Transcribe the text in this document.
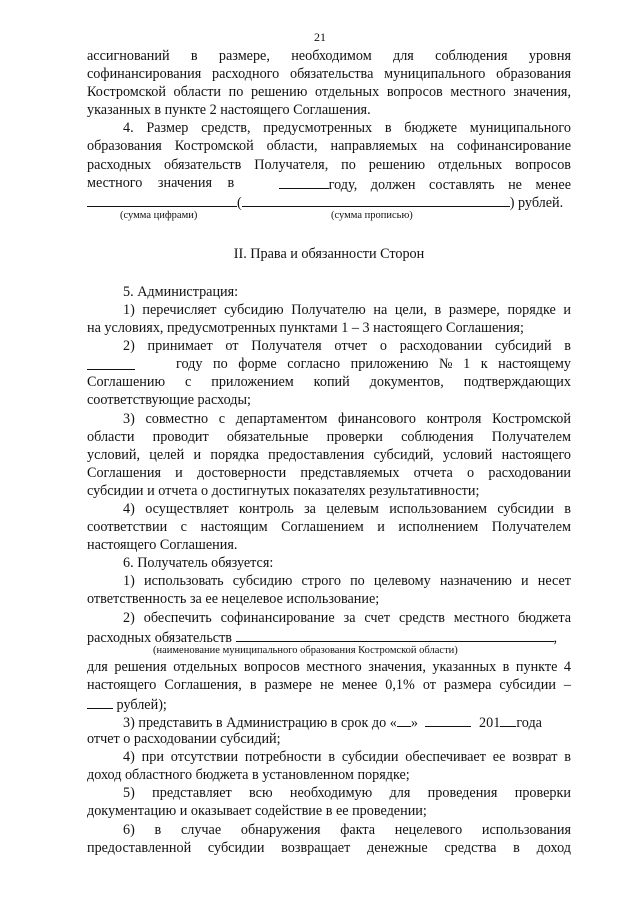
21
ассигнований в размере, необходимом для соблюдения уровня
софинансирования расходного обязательства муниципального образования
Костромской области по решению отдельных вопросов местного значения,
указанных в пункте 2 настоящего Соглашения.
4. Размер средств, предусмотренных в бюджете муниципального
образования Костромской области, направляемых на софинансирование
расходных обязательств Получателя, по решению отдельных вопросов
местного значения в	году, должен составлять не менее
(	) рублей.
(сумма цифрами)	(сумма прописью)
II. Права и обязанности Сторон
5. Администрация:
1) перечисляет субсидию Получателю на цели, в размере, порядке и
на условиях, предусмотренных пунктами 1 – 3 настоящего Соглашения;
2) принимает от Получателя отчет о расходовании субсидий в
году по форме согласно приложению № 1 к настоящему
Соглашению с приложением копий документов, подтверждающих
соответствующие расходы;
3) совместно с департаментом финансового контроля Костромской
области проводит обязательные проверки соблюдения Получателем
условий, целей и порядка предоставления субсидий, условий настоящего
Соглашения и достоверности представляемых отчета о расходовании
субсидии и отчета о достигнутых показателях результативности;
4) осуществляет контроль за целевым использованием субсидии в
соответствии с настоящим Соглашением и исполнением Получателем
настоящего Соглашения.
6. Получатель обязуется:
1) использовать субсидию строго по целевому назначению и несет
ответственность за ее нецелевое использование;
2) обеспечить софинансирование за счет средств местного бюджета
расходных обязательств	,
(наименование муниципального образования Костромской области)
для решения отдельных вопросов местного значения, указанных в пункте 4
настоящего Соглашения, в размере не менее 0,1% от размера субсидии –
рублей);
3) представить в Администрацию в срок до « »	201 года
отчет о расходовании субсидий;
4) при отсутствии потребности в субсидии обеспечивает ее возврат в
доход областного бюджета в установленном порядке;
5) представляет всю необходимую для проведения проверки
документацию и оказывает содействие в ее проведении;
6) в случае обнаружения факта нецелевого использования
предоставленной субсидии возвращает денежные средства в доход
